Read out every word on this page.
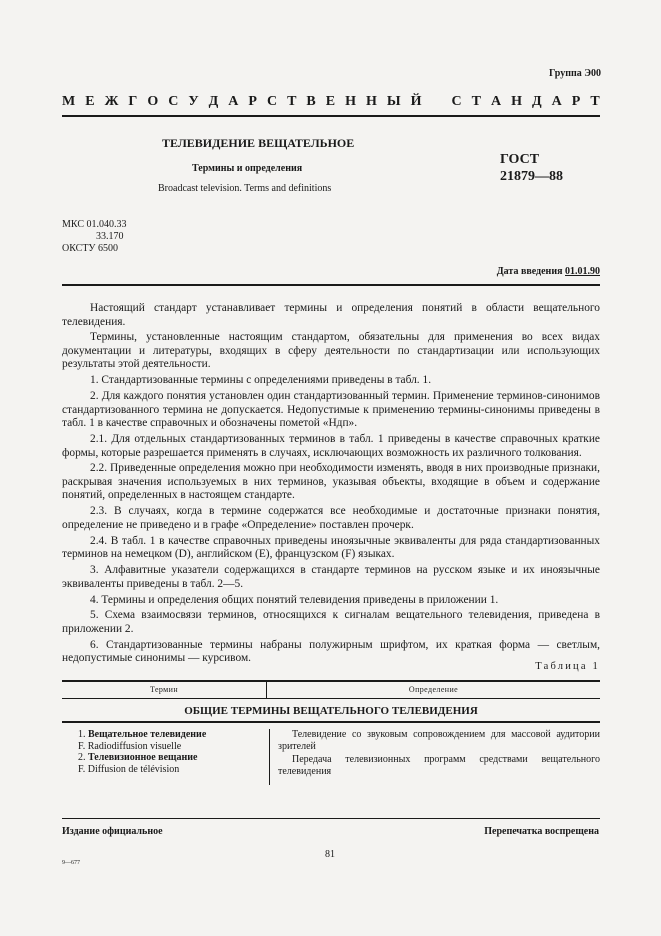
Группа Э00
М Е Ж Г О С У Д А Р С Т В Е Н Н Ы Й С Т А Н Д А Р Т
ТЕЛЕВИДЕНИЕ ВЕЩАТЕЛЬНОЕ
Термины и определения
Broadcast television. Terms and definitions
ГОСТ
21879—88
МКС 01.040.33
33.170
ОКСТУ 6500
Дата введения 01.01.90

Настоящий стандарт устанавливает термины и определения понятий в области вещательного телевидения.

Термины, установленные настоящим стандартом, обязательны для применения во всех видах документации и литературы, входящих в сферу деятельности по стандартизации или использующих результаты этой деятельности.

1. Стандартизованные термины с определениями приведены в табл. 1.

2. Для каждого понятия установлен один стандартизованный термин. Применение терминов-синонимов стандартизованного термина не допускается. Недопустимые к применению термины-синонимы приведены в табл. 1 в качестве справочных и обозначены пометой «Ндп».

2.1. Для отдельных стандартизованных терминов в табл. 1 приведены в качестве справочных краткие формы, которые разрешается применять в случаях, исключающих возможность их различного толкования.

2.2. Приведенные определения можно при необходимости изменять, вводя в них производные признаки, раскрывая значения используемых в них терминов, указывая объекты, входящие в объем и содержание понятий, определенных в настоящем стандарте.

2.3. В случаях, когда в термине содержатся все необходимые и достаточные признаки понятия, определение не приведено и в графе «Определение» поставлен прочерк.

2.4. В табл. 1 в качестве справочных приведены иноязычные эквиваленты для ряда стандартизованных терминов на немецком (D), английском (E), французском (F) языках.

3. Алфавитные указатели содержащихся в стандарте терминов на русском языке и их иноязычные эквиваленты приведены в табл. 2—5.

4. Термины и определения общих понятий телевидения приведены в приложении 1.

5. Схема взаимосвязи терминов, относящихся к сигналам вещательного телевидения, приведена в приложении 2.

6. Стандартизованные термины набраны полужирным шрифтом, их краткая форма — светлым, недопустимые синонимы — курсивом.

Таблица 1
Термин	Определение
ОБЩИЕ ТЕРМИНЫ ВЕЩАТЕЛЬНОГО ТЕЛЕВИДЕНИЯ
1. Вещательное телевидение
F. Radiodiffusion visuelle
2. Телевизионное вещание
F. Diffusion de télévision

Телевидение со звуковым сопровождением для массовой аудитории зрителей

Передача телевизионных программ средствами вещательного телевидения

Издание официальное	Перепечатка воспрещена
81
9—677
